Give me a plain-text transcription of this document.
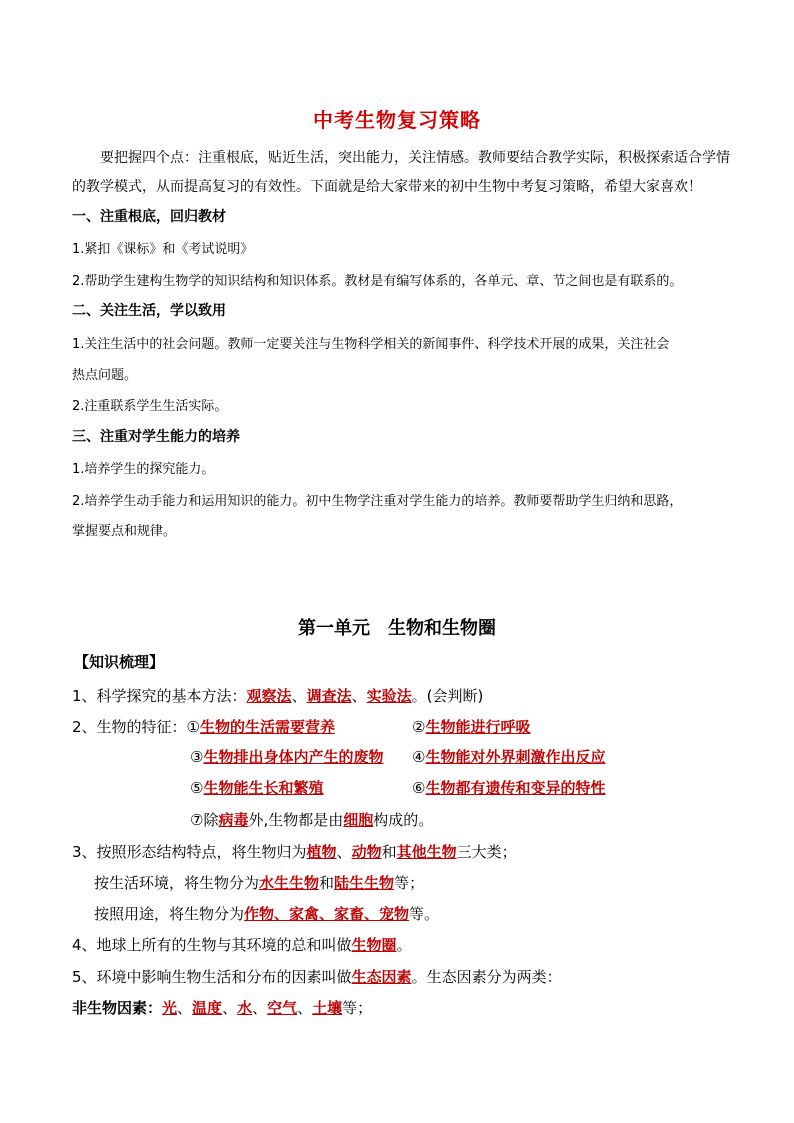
中考生物复习策略
要把握四个点：注重根底，贴近生活，突出能力，关注情感。教师要结合教学实际，积极探索适合学情的教学模式，从而提高复习的有效性。下面就是给大家带来的初中生物中考复习策略，希望大家喜欢！
一、注重根底，回归教材
1.紧扣《课标》和《考试说明》
2.帮助学生建构生物学的知识结构和知识体系。教材是有编写体系的，各单元、章、节之间也是有联系的。
二、关注生活，学以致用
1.关注生活中的社会问题。教师一定要关注与生物科学相关的新闻事件、科学技术开展的成果，关注社会
热点问题。
2.注重联系学生生活实际。
三、注重对学生能力的培养
1.培养学生的探究能力。
2.培养学生动手能力和运用知识的能力。初中生物学注重对学生能力的培养。教师要帮助学生归纳和思路，
掌握要点和规律。
第一单元　生物和生物圈
【知识梳理】
1、科学探究的基本方法：观察法、调查法、实验法。(会判断)
2、生物的特征：①生物的生活需要营养	②生物能进行呼吸
③生物排出身体内产生的废物 ④生物能对外界刺激作出反应
⑤生物能生长和繁殖	⑥生物都有遗传和变异的特性
⑦除病毒外,生物都是由细胞构成的。
3、按照形态结构特点，将生物归为植物、动物和其他生物三大类；
按生活环境，将生物分为水生生物和陆生生物等；
按照用途，将生物分为作物、家禽、家畜、宠物等。
4、地球上所有的生物与其环境的总和叫做生物圈。
5、环境中影响生物生活和分布的因素叫做生态因素。生态因素分为两类：
非生物因素：光、温度、水、空气、土壤等；
